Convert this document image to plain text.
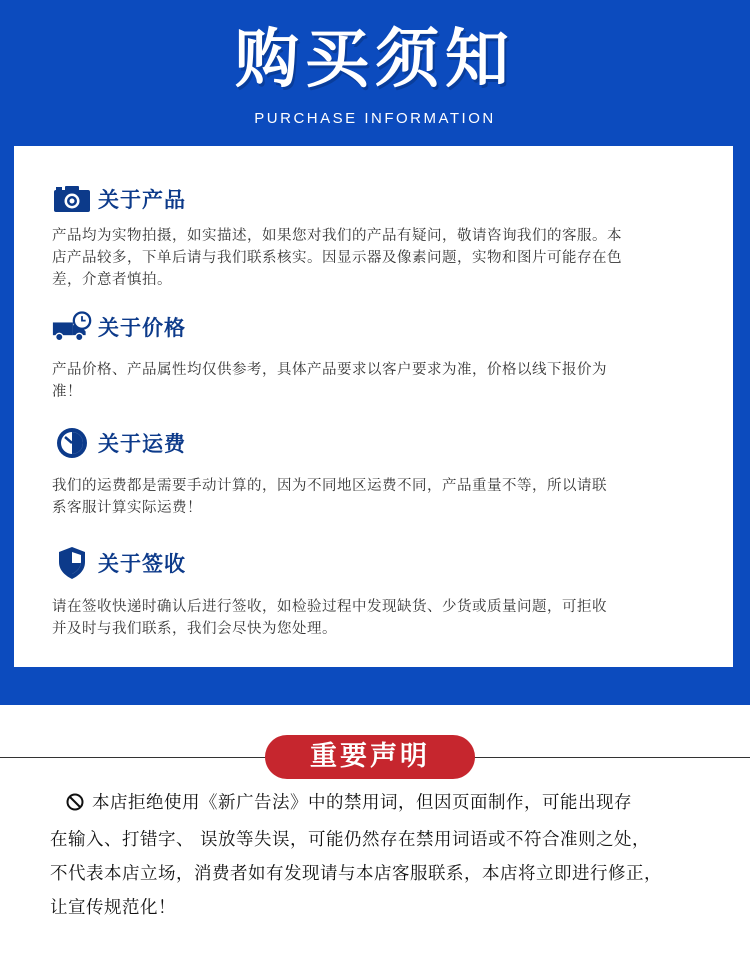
购买须知
PURCHASE INFORMATION
关于产品
产品均为实物拍摄，如实描述，如果您对我们的产品有疑问，敬请咨询我们的客服。本
店产品较多，下单后请与我们联系核实。因显示器及像素问题，实物和图片可能存在色
差，介意者慎拍。
关于价格
产品价格、产品属性均仅供参考，具体产品要求以客户要求为准，价格以线下报价为
准！
关于运费
我们的运费都是需要手动计算的，因为不同地区运费不同，产品重量不等，所以请联
系客服计算实际运费！
关于签收
请在签收快递时确认后进行签收，如检验过程中发现缺货、少货或质量问题，可拒收
并及时与我们联系，我们会尽快为您处理。
重要声明
本店拒绝使用《新广告法》中的禁用词，但因页面制作，可能出现存
在输入、打错字、 误放等失误，可能仍然存在禁用词语或不符合准则之处，
不代表本店立场，消费者如有发现请与本店客服联系，本店将立即进行修正，
让宣传规范化！
